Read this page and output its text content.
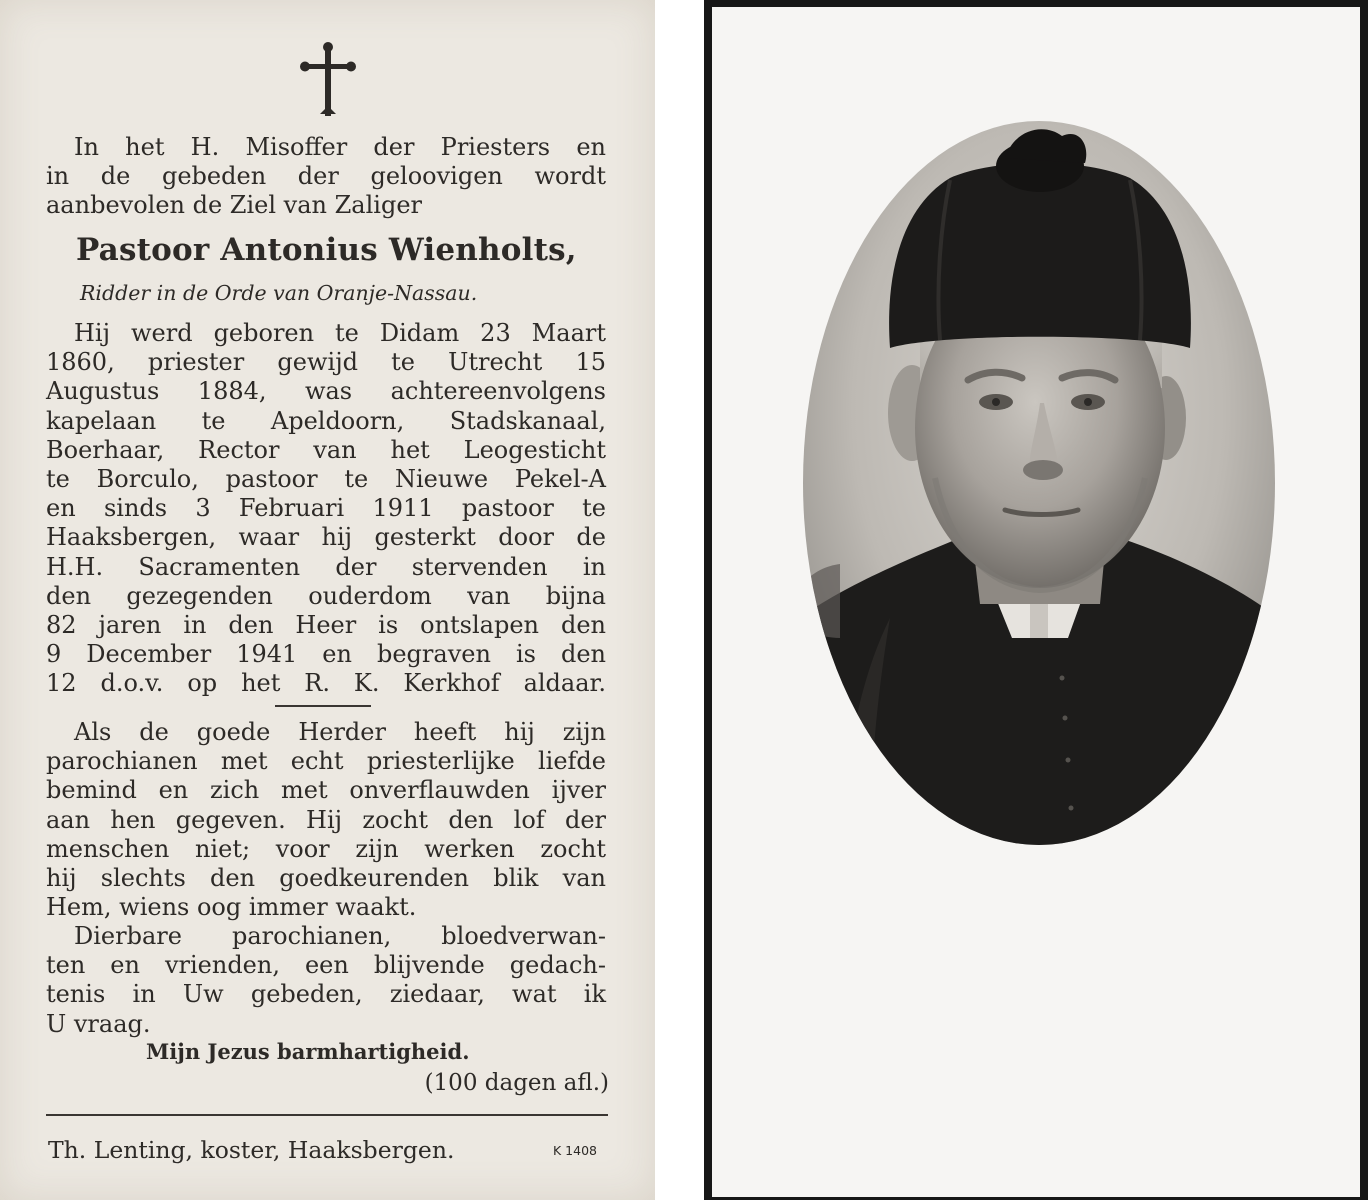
In het H. Misoffer der Priesters en
in de gebeden der geloovigen wordt
aanbevolen de Ziel van Zaliger
Pastoor Antonius Wienholts,
Ridder in de Orde van Oranje-Nassau.
Hij werd geboren te Didam 23 Maart
1860, priester gewijd te Utrecht 15
Augustus 1884, was achtereenvolgens
kapelaan te Apeldoorn, Stadskanaal,
Boerhaar, Rector van het Leogesticht
te Borculo, pastoor te Nieuwe Pekel-A
en sinds 3 Februari 1911 pastoor te
Haaksbergen, waar hij gesterkt door de
H.H. Sacramenten der stervenden in
den gezegenden ouderdom van bijna
82 jaren in den Heer is ontslapen den
9 December 1941 en begraven is den
12 d.o.v. op het R. K. Kerkhof aldaar.
Als de goede Herder heeft hij zijn
parochianen met echt priesterlijke liefde
bemind en zich met onverflauwden ijver
aan hen gegeven. Hij zocht den lof der
menschen niet; voor zijn werken zocht
hij slechts den goedkeurenden blik van
Hem, wiens oog immer waakt.
Dierbare parochianen, bloedverwan-
ten en vrienden, een blijvende gedach-
tenis in Uw gebeden, ziedaar, wat ik
U vraag.
Mijn Jezus barmhartigheid.
(100 dagen afl.)
Th. Lenting, koster, Haaksbergen.	K 1408
